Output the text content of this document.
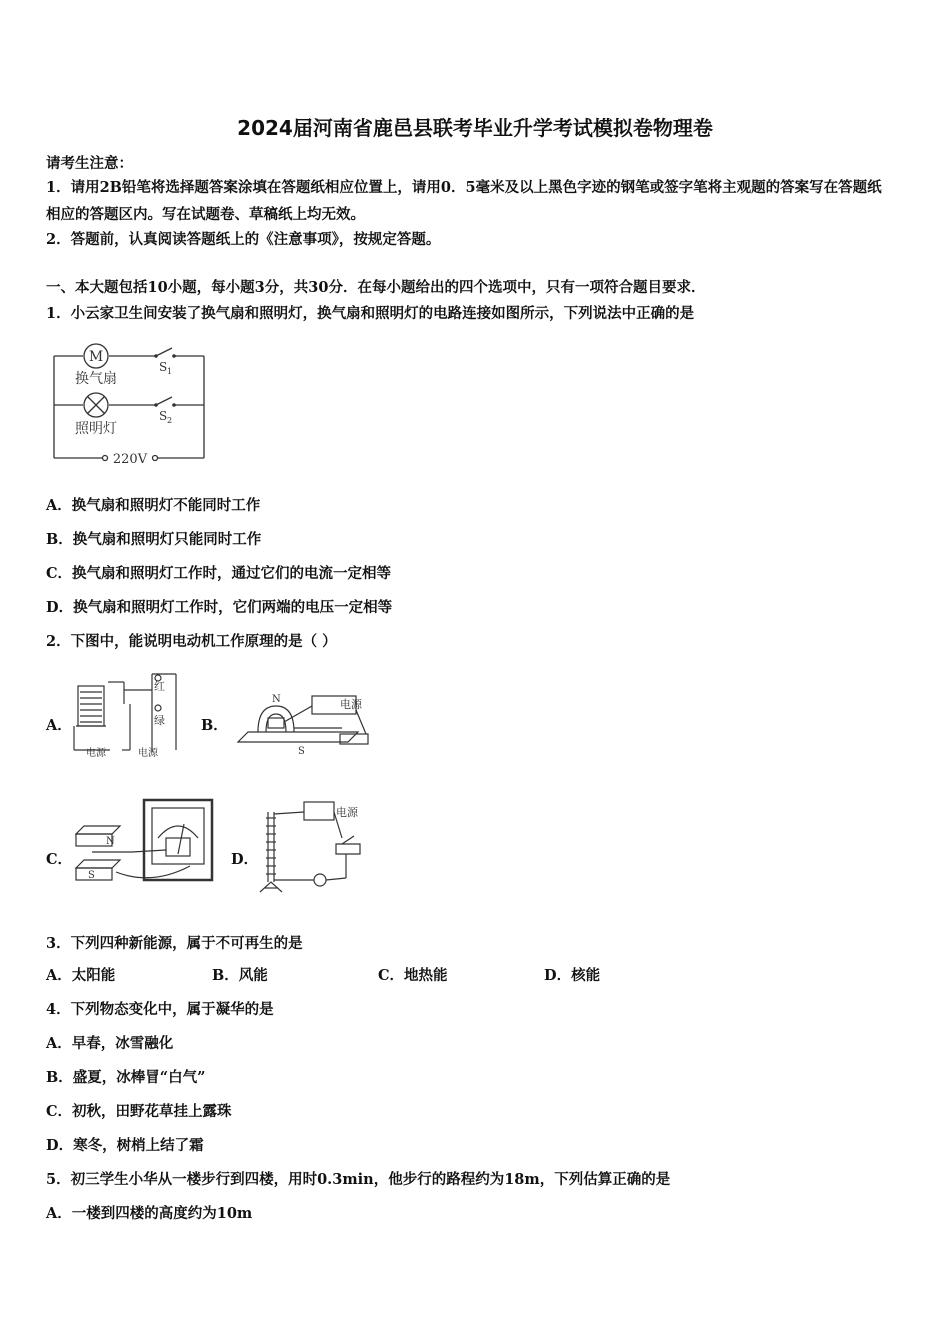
2024届河南省鹿邑县联考毕业升学考试模拟卷物理卷
请考生注意：
1．请用2B铅笔将选择题答案涂填在答题纸相应位置上，请用0．5毫米及以上黑色字迹的钢笔或签字笔将主观题的答案写在答题纸相应的答题区内。写在试题卷、草稿纸上均无效。
2．答题前，认真阅读答题纸上的《注意事项》，按规定答题。
一、本大题包括10小题，每小题3分，共30分．在每小题给出的四个选项中，只有一项符合题目要求．
1．小云家卫生间安装了换气扇和照明灯，换气扇和照明灯的电路连接如图所示，下列说法中正确的是
M
换气扇
照明灯
S 1
S 2
220V
A．换气扇和照明灯不能同时工作
B．换气扇和照明灯只能同时工作
C．换气扇和照明灯工作时，通过它们的电流一定相等
D．换气扇和照明灯工作时，它们两端的电压一定相等
2．下图中，能说明电动机工作原理的是（ ）
A．
红
绿
电源	电源
B．
N
S
电源
C．
N
S
D．
电源
3．下列四种新能源，属于不可再生的是
A．太阳能	B．风能	C．地热能	D．核能
4．下列物态变化中，属于凝华的是
A．早春，冰雪融化
B．盛夏，冰棒冒“白气”
C．初秋，田野花草挂上露珠
D．寒冬，树梢上结了霜
5．初三学生小华从一楼步行到四楼，用时0.3min，他步行的路程约为18m，下列估算正确的是
A．一楼到四楼的高度约为10m
